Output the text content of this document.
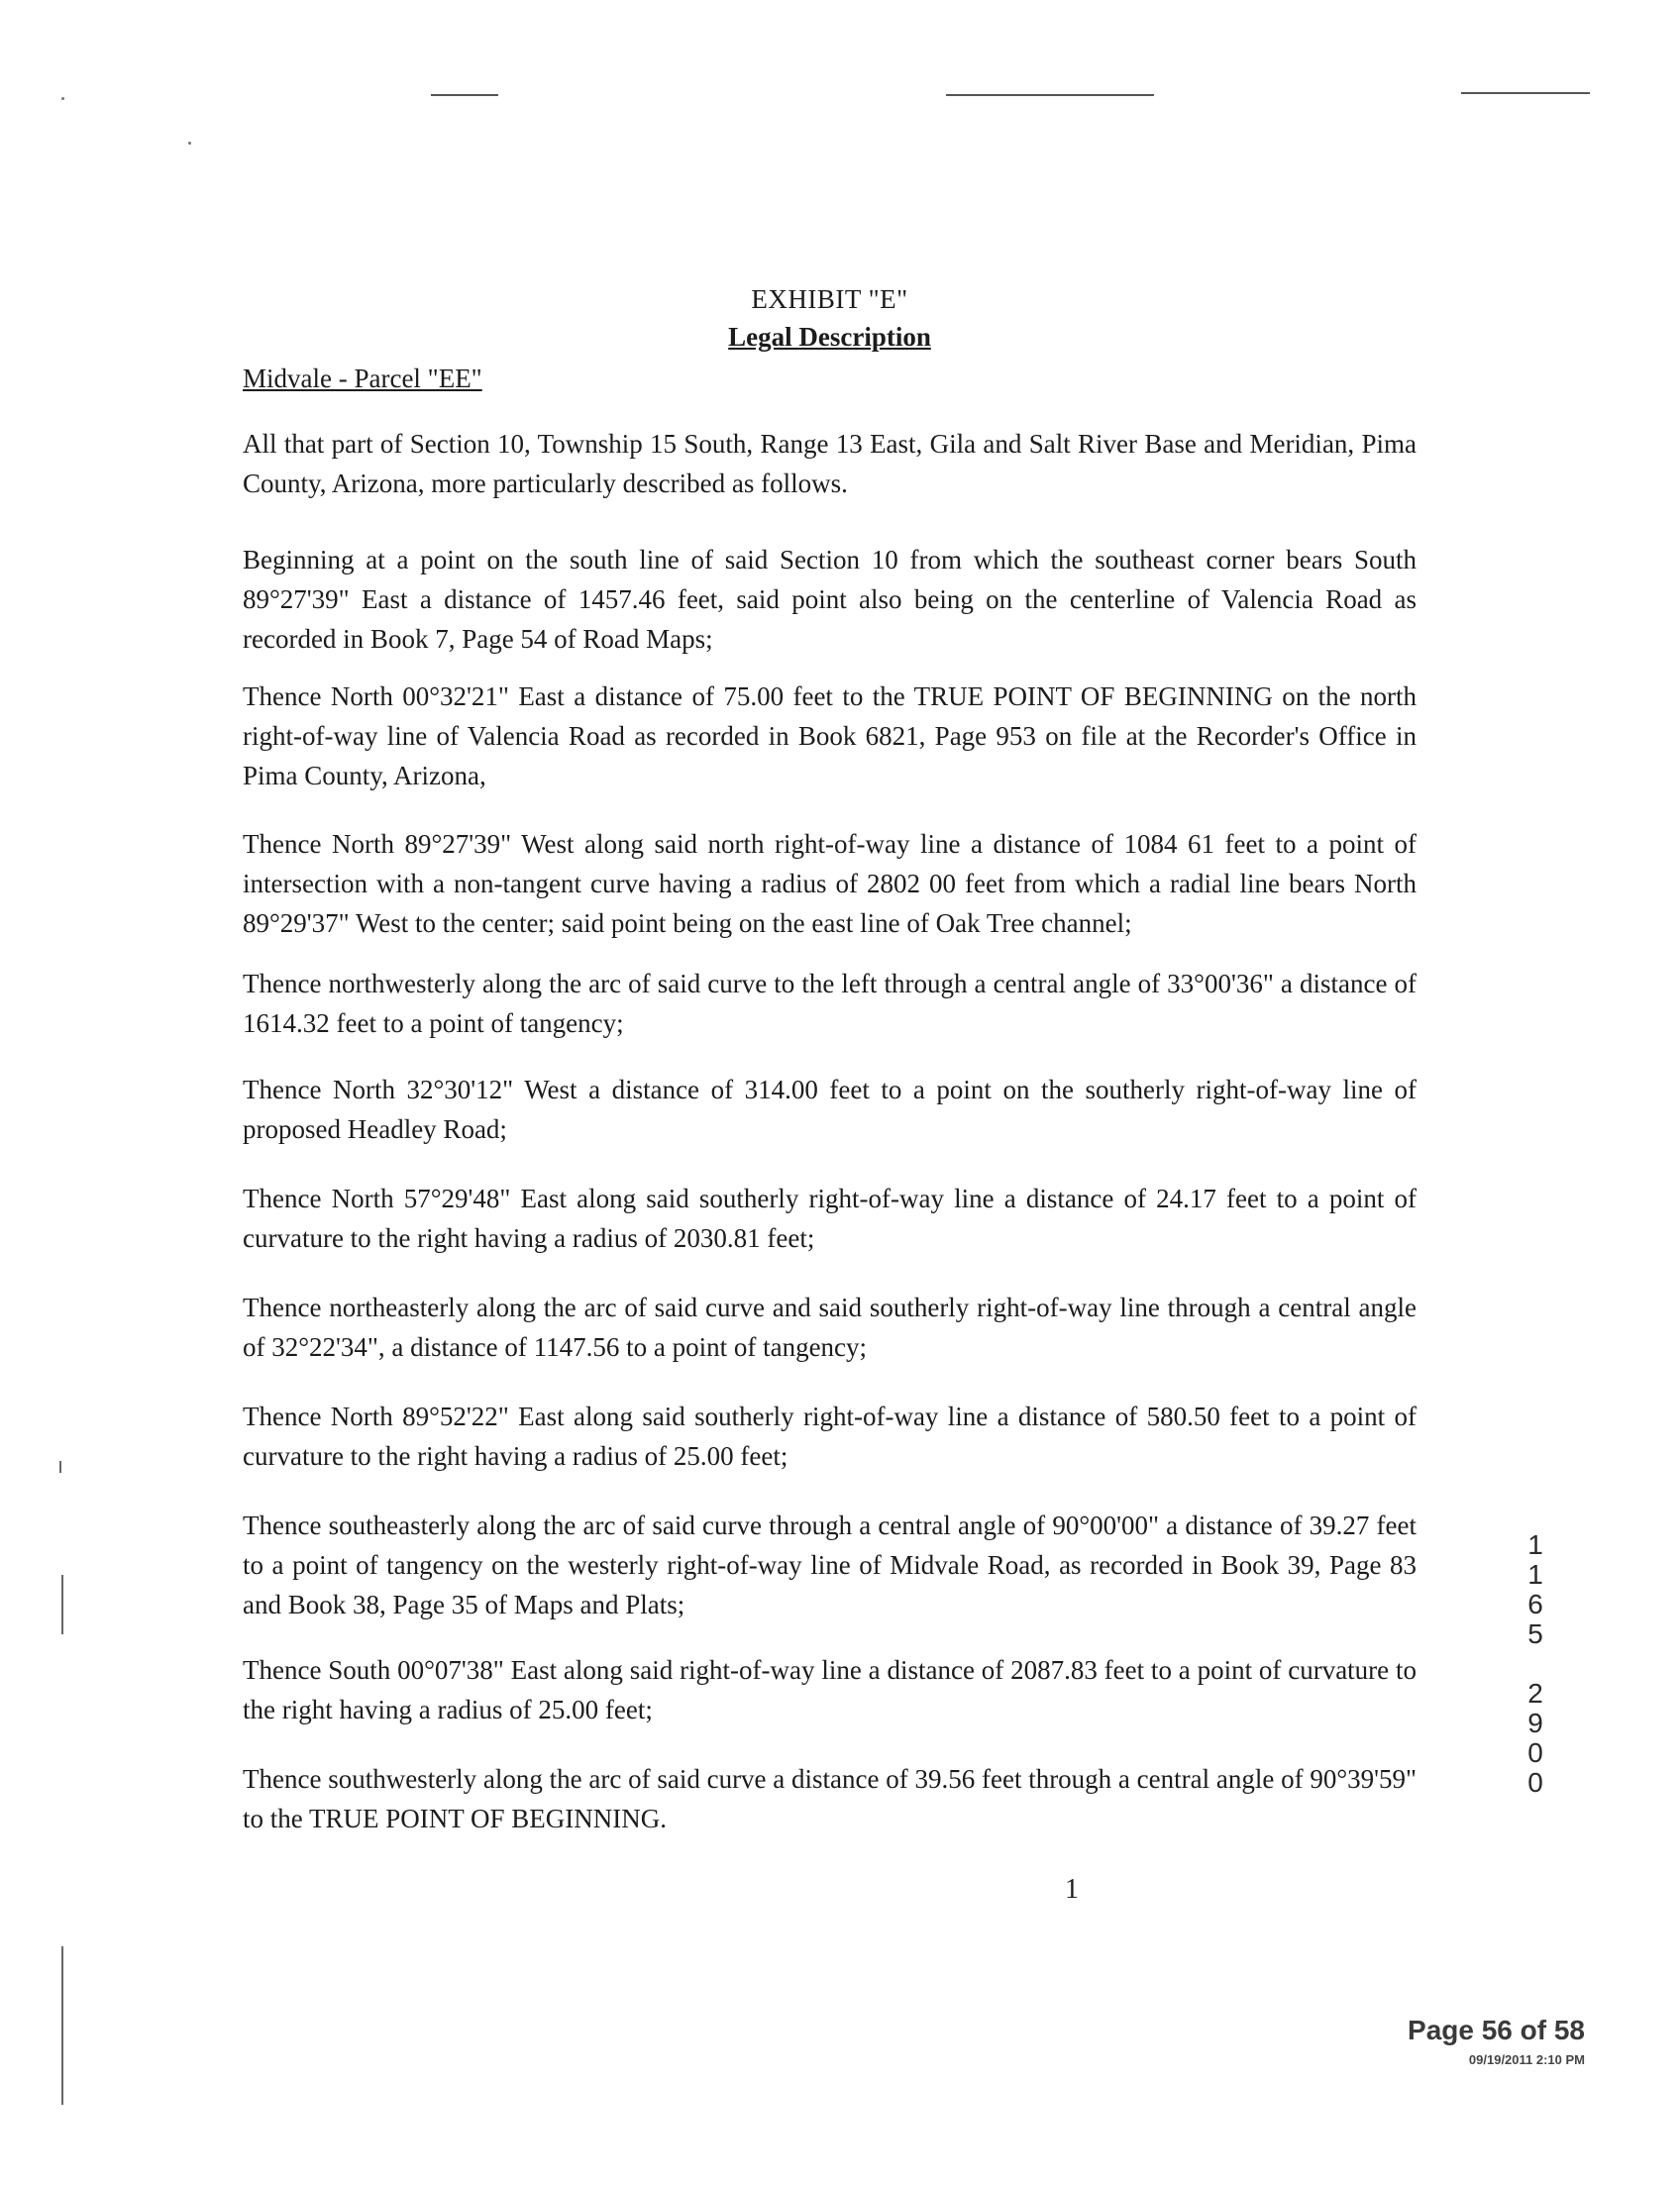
EXHIBIT "E"
Legal Description
Midvale - Parcel "EE"

All that part of Section 10, Township 15 South, Range 13 East, Gila and Salt River Base and Meridian, Pima County, Arizona, more particularly described as follows.

Beginning at a point on the south line of said Section 10 from which the southeast corner bears South 89°27'39" East a distance of 1457.46 feet, said point also being on the centerline of Valencia Road as recorded in Book 7, Page 54 of Road Maps;

Thence North 00°32'21" East a distance of 75.00 feet to the TRUE POINT OF BEGINNING on the north right-of-way line of Valencia Road as recorded in Book 6821, Page 953 on file at the Recorder's Office in Pima County, Arizona,

Thence North 89°27'39" West along said north right-of-way line a distance of 1084 61 feet to a point of intersection with a non-tangent curve having a radius of 2802 00 feet from which a radial line bears North 89°29'37" West to the center; said point being on the east line of Oak Tree channel;

Thence northwesterly along the arc of said curve to the left through a central angle of 33°00'36" a distance of 1614.32 feet to a point of tangency;

Thence North 32°30'12" West a distance of 314.00 feet to a point on the southerly right-of-way line of proposed Headley Road;

Thence North 57°29'48" East along said southerly right-of-way line a distance of 24.17 feet to a point of curvature to the right having a radius of 2030.81 feet;

Thence northeasterly along the arc of said curve and said southerly right-of-way line through a central angle of 32°22'34", a distance of 1147.56 to a point of tangency;

Thence North 89°52'22" East along said southerly right-of-way line a distance of 580.50 feet to a point of curvature to the right having a radius of 25.00 feet;

Thence southeasterly along the arc of said curve through a central angle of 90°00'00" a distance of 39.27 feet to a point of tangency on the westerly right-of-way line of Midvale Road, as recorded in Book 39, Page 83 and Book 38, Page 35 of Maps and Plats;

Thence South 00°07'38" East along said right-of-way line a distance of 2087.83 feet to a point of curvature to the right having a radius of 25.00 feet;

Thence southwesterly along the arc of said curve a distance of 39.56 feet through a central angle of 90°39'59" to the TRUE POINT OF BEGINNING.

1
1
1
6
5
2
9
0
0
Page 56 of 58
09/19/2011 2:10 PM
